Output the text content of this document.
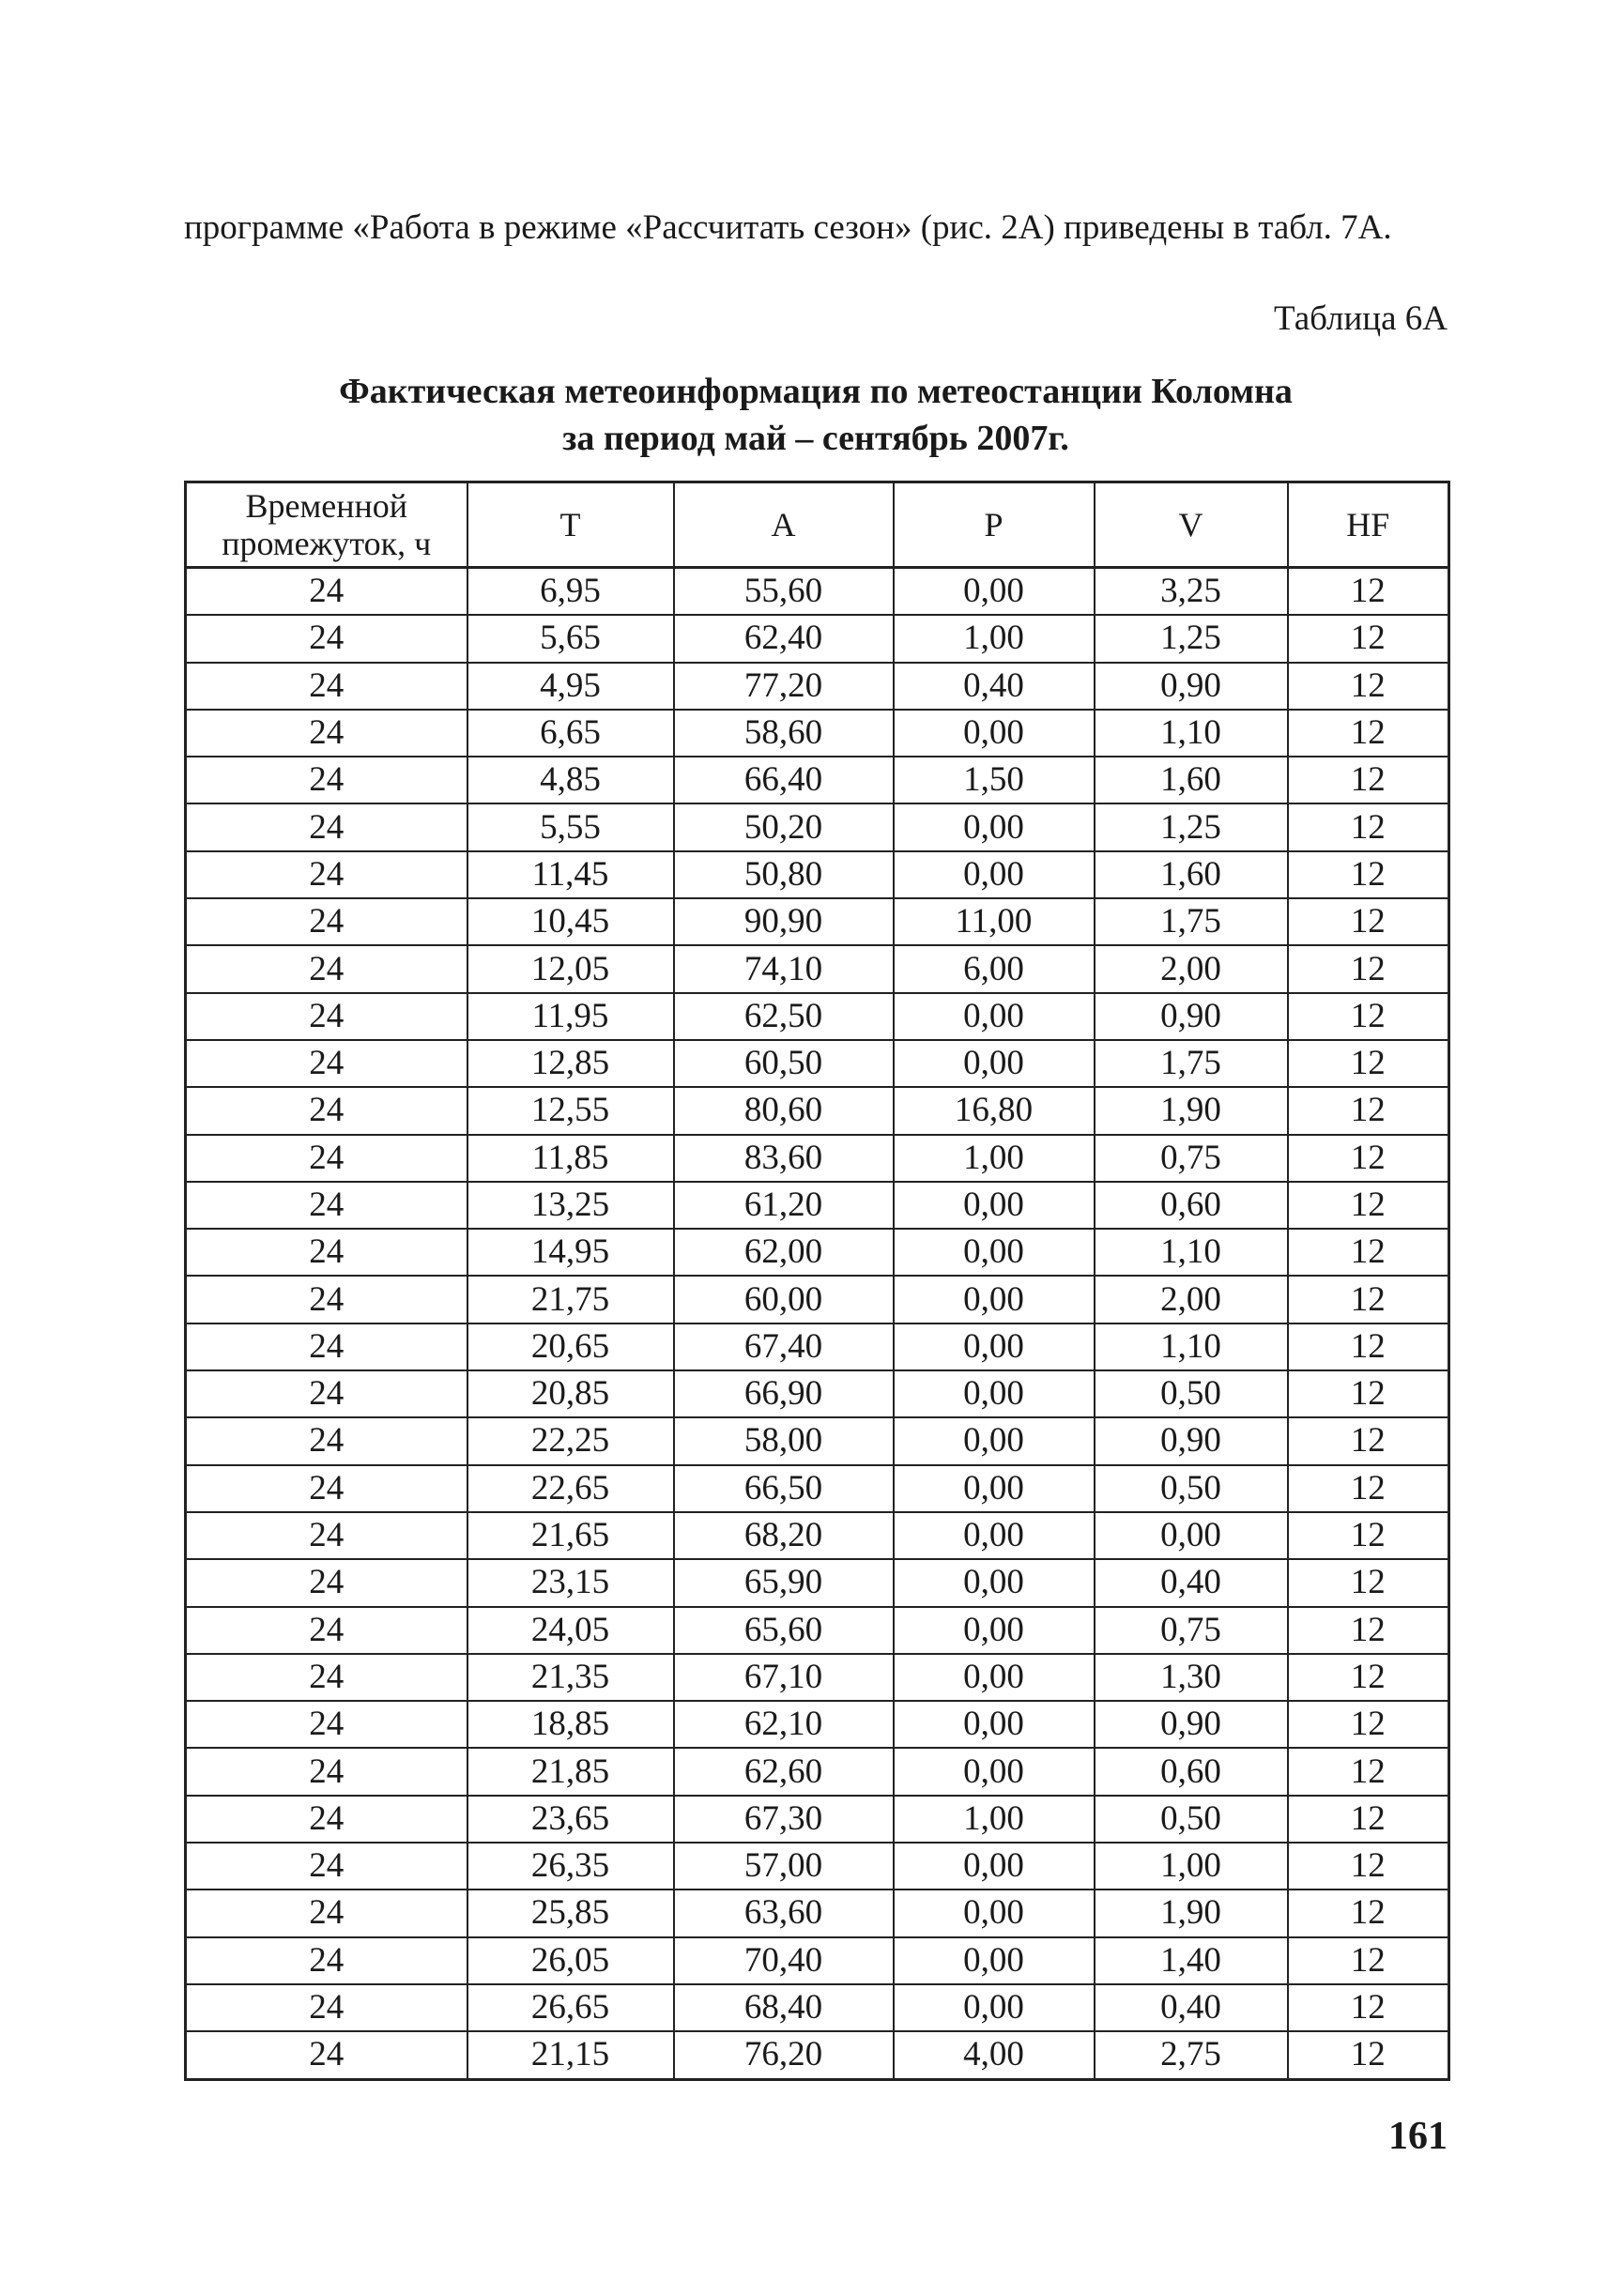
программе «Работа в режиме «Рассчитать сезон» (рис. 2А) приведены в табл. 7А.
Таблица 6А
Фактическая метеоинформация по метеостанции Коломна
за период май – сентябрь 2007г.
Временной промежуток, ч	T	A	P	V	HF
24	6,95	55,60	0,00	3,25	12
24	5,65	62,40	1,00	1,25	12
24	4,95	77,20	0,40	0,90	12
24	6,65	58,60	0,00	1,10	12
24	4,85	66,40	1,50	1,60	12
24	5,55	50,20	0,00	1,25	12
24	11,45	50,80	0,00	1,60	12
24	10,45	90,90	11,00	1,75	12
24	12,05	74,10	6,00	2,00	12
24	11,95	62,50	0,00	0,90	12
24	12,85	60,50	0,00	1,75	12
24	12,55	80,60	16,80	1,90	12
24	11,85	83,60	1,00	0,75	12
24	13,25	61,20	0,00	0,60	12
24	14,95	62,00	0,00	1,10	12
24	21,75	60,00	0,00	2,00	12
24	20,65	67,40	0,00	1,10	12
24	20,85	66,90	0,00	0,50	12
24	22,25	58,00	0,00	0,90	12
24	22,65	66,50	0,00	0,50	12
24	21,65	68,20	0,00	0,00	12
24	23,15	65,90	0,00	0,40	12
24	24,05	65,60	0,00	0,75	12
24	21,35	67,10	0,00	1,30	12
24	18,85	62,10	0,00	0,90	12
24	21,85	62,60	0,00	0,60	12
24	23,65	67,30	1,00	0,50	12
24	26,35	57,00	0,00	1,00	12
24	25,85	63,60	0,00	1,90	12
24	26,05	70,40	0,00	1,40	12
24	26,65	68,40	0,00	0,40	12
24	21,15	76,20	4,00	2,75	12
161
